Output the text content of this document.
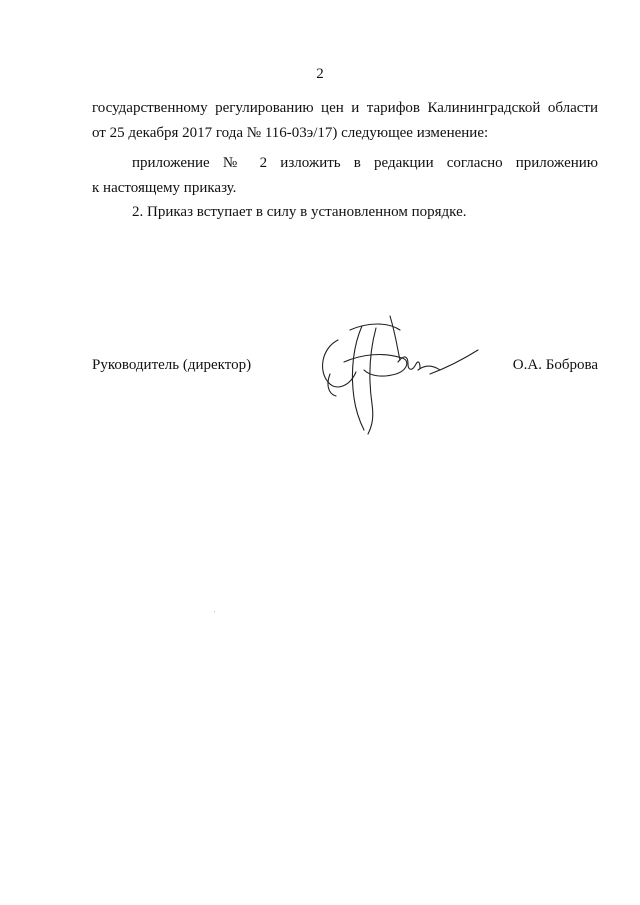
2
государственному регулированию цен и тарифов Калининградской области
от 25 декабря 2017 года № 116-03э/17) следующее изменение:
приложение № 2 изложить в редакции согласно приложению
к настоящему приказу.
2. Приказ вступает в силу в установленном порядке.
Руководитель (директор)	О.А. Боброва
